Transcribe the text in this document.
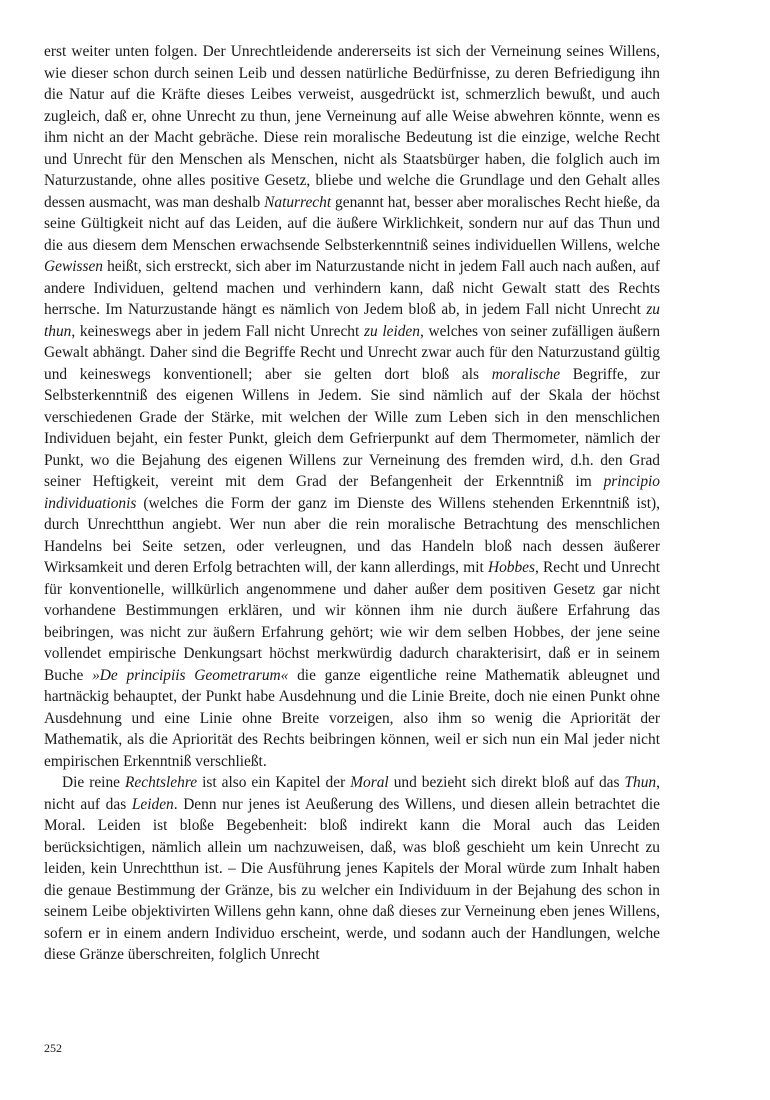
erst weiter unten folgen. Der Unrechtleidende andererseits ist sich der Verneinung seines Willens, wie dieser schon durch seinen Leib und dessen natürliche Bedürfnisse, zu deren Befriedigung ihn die Natur auf die Kräfte dieses Leibes verweist, ausgedrückt ist, schmerzlich bewußt, und auch zugleich, daß er, ohne Unrecht zu thun, jene Verneinung auf alle Weise abwehren könnte, wenn es ihm nicht an der Macht gebräche. Diese rein moralische Bedeutung ist die einzige, welche Recht und Unrecht für den Menschen als Menschen, nicht als Staatsbürger haben, die folglich auch im Naturzustande, ohne alles positive Gesetz, bliebe und welche die Grundlage und den Gehalt alles dessen ausmacht, was man deshalb Naturrecht genannt hat, besser aber moralisches Recht hieße, da seine Gültigkeit nicht auf das Leiden, auf die äußere Wirklichkeit, sondern nur auf das Thun und die aus diesem dem Menschen erwachsende Selbsterkenntniß seines individuellen Willens, welche Gewissen heißt, sich erstreckt, sich aber im Naturzustande nicht in jedem Fall auch nach außen, auf andere Individuen, geltend machen und verhindern kann, daß nicht Gewalt statt des Rechts herrsche. Im Naturzustande hängt es nämlich von Jedem bloß ab, in jedem Fall nicht Unrecht zu thun, keineswegs aber in jedem Fall nicht Unrecht zu leiden, welches von seiner zufälligen äußern Gewalt abhängt. Daher sind die Begriffe Recht und Unrecht zwar auch für den Naturzustand gültig und keineswegs konventionell; aber sie gelten dort bloß als moralische Begriffe, zur Selbsterkenntniß des eigenen Willens in Jedem. Sie sind nämlich auf der Skala der höchst verschiedenen Grade der Stärke, mit welchen der Wille zum Leben sich in den menschlichen Individuen bejaht, ein fester Punkt, gleich dem Gefrierpunkt auf dem Thermometer, nämlich der Punkt, wo die Bejahung des eigenen Willens zur Verneinung des fremden wird, d.h. den Grad seiner Heftigkeit, vereint mit dem Grad der Befangenheit der Erkenntniß im principio individuationis (welches die Form der ganz im Dienste des Willens stehenden Erkenntniß ist), durch Unrechtthun angiebt. Wer nun aber die rein moralische Betrachtung des menschlichen Handelns bei Seite setzen, oder verleugnen, und das Handeln bloß nach dessen äußerer Wirksamkeit und deren Erfolg betrachten will, der kann allerdings, mit Hobbes, Recht und Unrecht für konventionelle, willkürlich angenommene und daher außer dem positiven Gesetz gar nicht vorhandene Bestimmungen erklären, und wir können ihm nie durch äußere Erfahrung das beibringen, was nicht zur äußern Erfahrung gehört; wie wir dem selben Hobbes, der jene seine vollendet empirische Denkungsart höchst merkwürdig dadurch charakterisirt, daß er in seinem Buche »De principiis Geometrarum« die ganze eigentliche reine Mathematik ableugnet und hartnäckig behauptet, der Punkt habe Ausdehnung und die Linie Breite, doch nie einen Punkt ohne Ausdehnung und eine Linie ohne Breite vorzeigen, also ihm so wenig die Apriorität der Mathematik, als die Apriorität des Rechts beibringen können, weil er sich nun ein Mal jeder nicht empirischen Erkenntniß verschließt.

Die reine Rechtslehre ist also ein Kapitel der Moral und bezieht sich direkt bloß auf das Thun, nicht auf das Leiden. Denn nur jenes ist Aeußerung des Willens, und diesen allein betrachtet die Moral. Leiden ist bloße Begebenheit: bloß indirekt kann die Moral auch das Leiden berücksichtigen, nämlich allein um nachzuweisen, daß, was bloß geschieht um kein Unrecht zu leiden, kein Unrechtthun ist. – Die Ausführung jenes Kapitels der Moral würde zum Inhalt haben die genaue Bestimmung der Gränze, bis zu welcher ein Individuum in der Bejahung des schon in seinem Leibe objektivirten Willens gehn kann, ohne daß dieses zur Verneinung eben jenes Willens, sofern er in einem andern Individuo erscheint, werde, und sodann auch der Handlungen, welche diese Gränze überschreiten, folglich Unrecht

252
